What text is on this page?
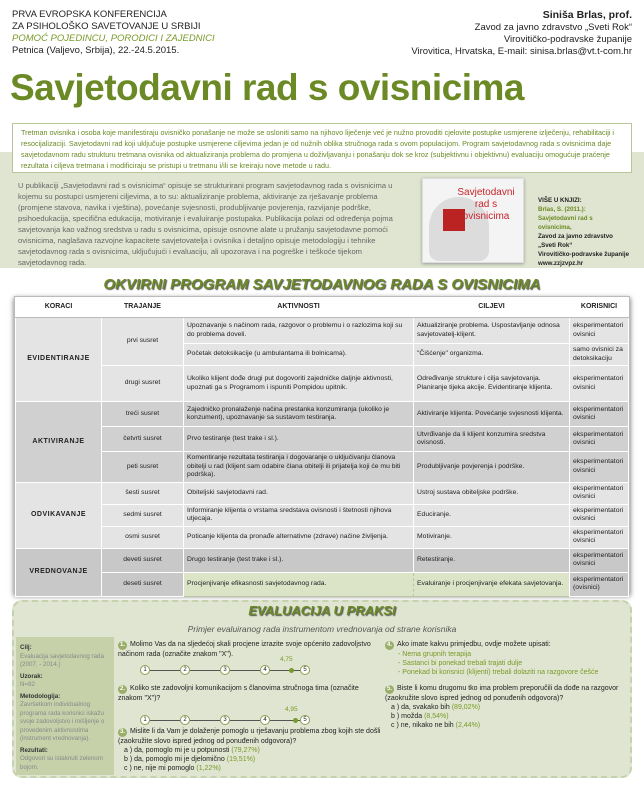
PRVA EVROPSKA KONFERENCIJA
ZA PSIHOLOŠKO SAVETOVANJE U SRBIJI
POMOĆ POJEDINCU, PORODICI I ZAJEDNICI
Petnica (Valjevo, Srbija), 22.-24.5.2015.
Siniša Brlas, prof.
Zavod za javno zdravstvo „Sveti Rok“
Virovitičko-podravske županije
Virovitica, Hrvatska, E-mail: sinisa.brlas@vt.t-com.hr
Savjetodavni rad s ovisnicima
Tretman ovisnika i osoba koje manifestiraju ovisničko ponašanje ne može se osloniti samo na njihovo liječenje već je nužno provoditi cjelovite postupke usmjerene izlječenju, rehabilitaciji i resocijalizaciji. Savjetodavni rad koji uključuje postupke usmjerene ciljevima jedan je od nužnih oblika stručnoga rada s ovom populacijom. Program savjetodavnog rada s ovisnicima daje savjetodavnom radu strukturu tretmana ovisnika od aktualiziranja problema do promjena u doživljavanju i ponašanju dok se kroz (subjektivnu i objektivnu) evaluaciju omogućuje praćenje rezultata i ciljeva tretmana i modificiraju se pristupi u tretmanu i/ili se kreiraju nove metode u radu.
U publikaciji „Savjetodavni rad s ovisnicima“ opisuje se strukturirani program savjetodavnog rada s ovisnicima u kojemu su postupci usmjereni ciljevima, a to su: aktualiziranje problema, aktiviranje za rješavanje problema (promjene stavova, navika i vještina), povećanje svjesnosti, produbljivanje povjerenja, razvijanje podrške, psihoedukacija, specifična edukacija, motiviranje i evaluiranje postupaka. Publikacija polazi od određenja pojma savjetovanja kao važnog sredstva u radu s ovisnicima, opisuje osnovne alate u pružanju savjetodavne pomoći ovisnicima, naglašava razvojne kapacitete savjetovatelja i ovisnika i detaljno opisuje metodologiju i tehnike savjetodavnog rada s ovisnicima, uključujući i evaluaciju, ali upozorava i na pogreške i teškoće tijekom savjetodavnog rada.
Savjetodavni rad s ovisnicima
VIŠE U KNJIZI:
Brlas, S. (2011.):
Savjetodavni rad s ovisnicima,
Zavod za javno zdravstvo
„Sveti Rok“
Virovitičko-podravske županije
www.zzjzvpz.hr
OKVIRNI PROGRAM SAVJETODAVNOG RADA S OVISNICIMA
KORACI	TRAJANJE	AKTIVNOSTI	CILJEVI	KORISNICI
EVIDENTIRANJE	prvi susret	Upoznavanje s načinom rada, razgovor o problemu i o razlozima koji su do problema doveli.	Aktualiziranje problema. Uspostavljanje odnosa savjetovatelj-klijent.	eksperimentatori ovisnici
		Početak detoksikacije (u ambulantama ili bolnicama).	"Čišćenje" organizma.	samo ovisnici za detoksikaciju
	drugi susret	Ukoliko klijent dođe drugi put dogovoriti zajedničke daljnje aktivnosti, upoznati ga s Programom i ispuniti Pompidou upitnik.	Određivanje strukture i cilja savjetovanja. Planiranje tijeka akcije. Evidentiranje klijenta.	eksperimentatori ovisnici
AKTIVIRANJE	treći susret	Zajedničko pronalaženje načina prestanka konzumiranja (ukoliko je konzument), upoznavanje sa sustavom testiranja.	Aktiviranje klijenta. Povećanje svjesnosti klijenta.	eksperimentatori ovisnici
	četvrti susret	Prvo testiranje (test trake i sl.).	Utvrđivanje da li klijent konzumira sredstva ovisnosti.	eksperimentatori ovisnici
	peti susret	Komentiranje rezultata testiranja i dogovaranje o uključivanju članova obitelji u rad (klijent sam odabire člana obitelji ili prijatelja koji će mu biti podrška).	Produbljivanje povjerenja i podrške.	eksperimentatori ovisnici
ODVIKAVANJE	šesti susret	Obiteljski savjetodavni rad.	Ustroj sustava obiteljske podrške.	eksperimentatori ovisnici
	sedmi susret	Informiranje klijenta o vrstama sredstava ovisnosti i štetnosti njihova utjecaja.	Educiranje.	eksperimentatori ovisnici
	osmi susret	Poticanje klijenta da pronađe alternativne (zdrave) načine življenja.	Motiviranje.	eksperimentatori ovisnici
VREDNOVANJE	deveti susret	Drugo testiranje (test trake i sl.).	Retestiranje.	eksperimentatori ovisnici
	deseti susret	Procjenjivanje efikasnosti savjetodavnog rada.	Evaluiranje i procjenjivanje efekata savjetovanja.	eksperimentatori (ovisnici)
EVALUACIJA U PRAKSI
Primjer evaluiranog rada instrumentom vrednovanja od strane korisnika
Cilj:
Evaluacija savjetodavnog rada (2007. - 2014.)
Uzorak:
N=82
Metodologija:
Završetkom individualnog programa rada korisnici iskažu svoje zadovoljstvo i mišljenje o provedenim aktivnostima (instrument vrednovanja).
Rezultati:
Odgovori su istaknuti zelenom bojom.
1. Molimo Vas da na sljedećoj skali procjene izrazite svoje općenito zadovoljstvo načinom rada (označite znakom "X").
4,75
1	2	3	4	5
2. Koliko ste zadovoljni komunikacijom s članovima stručnoga tima (označite znakom "X")?
4,95
1	2	3	4	5
3. Mislite li da Vam je dolaženje pomoglo u rješavanju problema zbog kojih ste došli (zaokružite slovo ispred jednog od ponuđenih odgovora)?
a ) da, pomoglo mi je u potpunosti (79,27%)
b ) da, pomoglo mi je djelomično (19,51%)
c ) ne, nije mi pomoglo (1,22%)
4. Ako imate kakvu primjedbu, ovdje možete upisati:
- Nema grupnih terapija
- Sastanci bi ponekad trebali trajati dulje
- Ponekad bi korisnici (klijenti) trebali dolaziti na razgovore češće
5. Biste li komu drugomu tko ima problem preporučili da dođe na razgovor (zaokružite slovo ispred jednog od ponuđenih odgovora)?
a ) da, svakako bih (89,02%)
b ) možda (8,54%)
c ) ne, nikako ne bih (2,44%)
